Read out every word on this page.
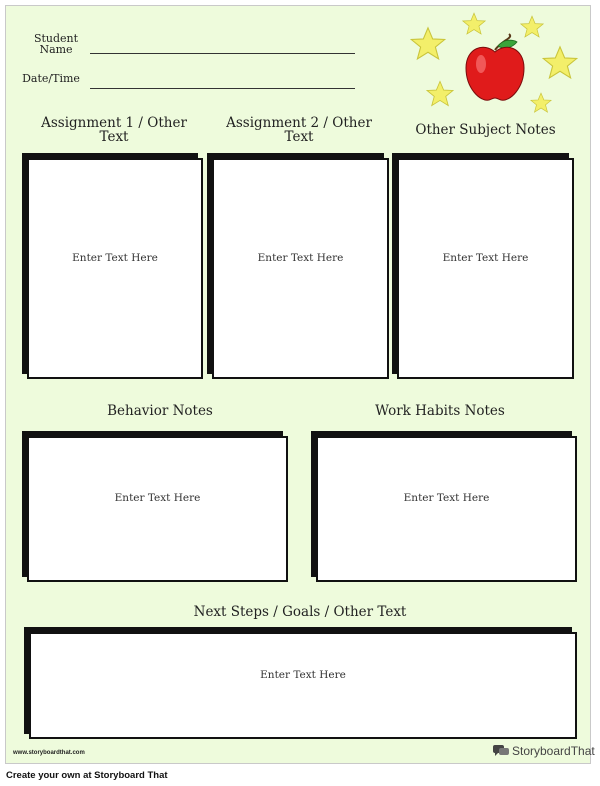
Student Name
Date/Time
Assignment 1 / Other Text
Assignment 2 / Other Text	Other Subject Notes
Enter Text Here	Enter Text Here	Enter Text Here
Behavior Notes	Work Habits Notes
Enter Text Here	Enter Text Here
Next Steps / Goals / Other Text
Enter Text Here
www.storyboardthat.com	StoryboardThat
Create your own at Storyboard That
